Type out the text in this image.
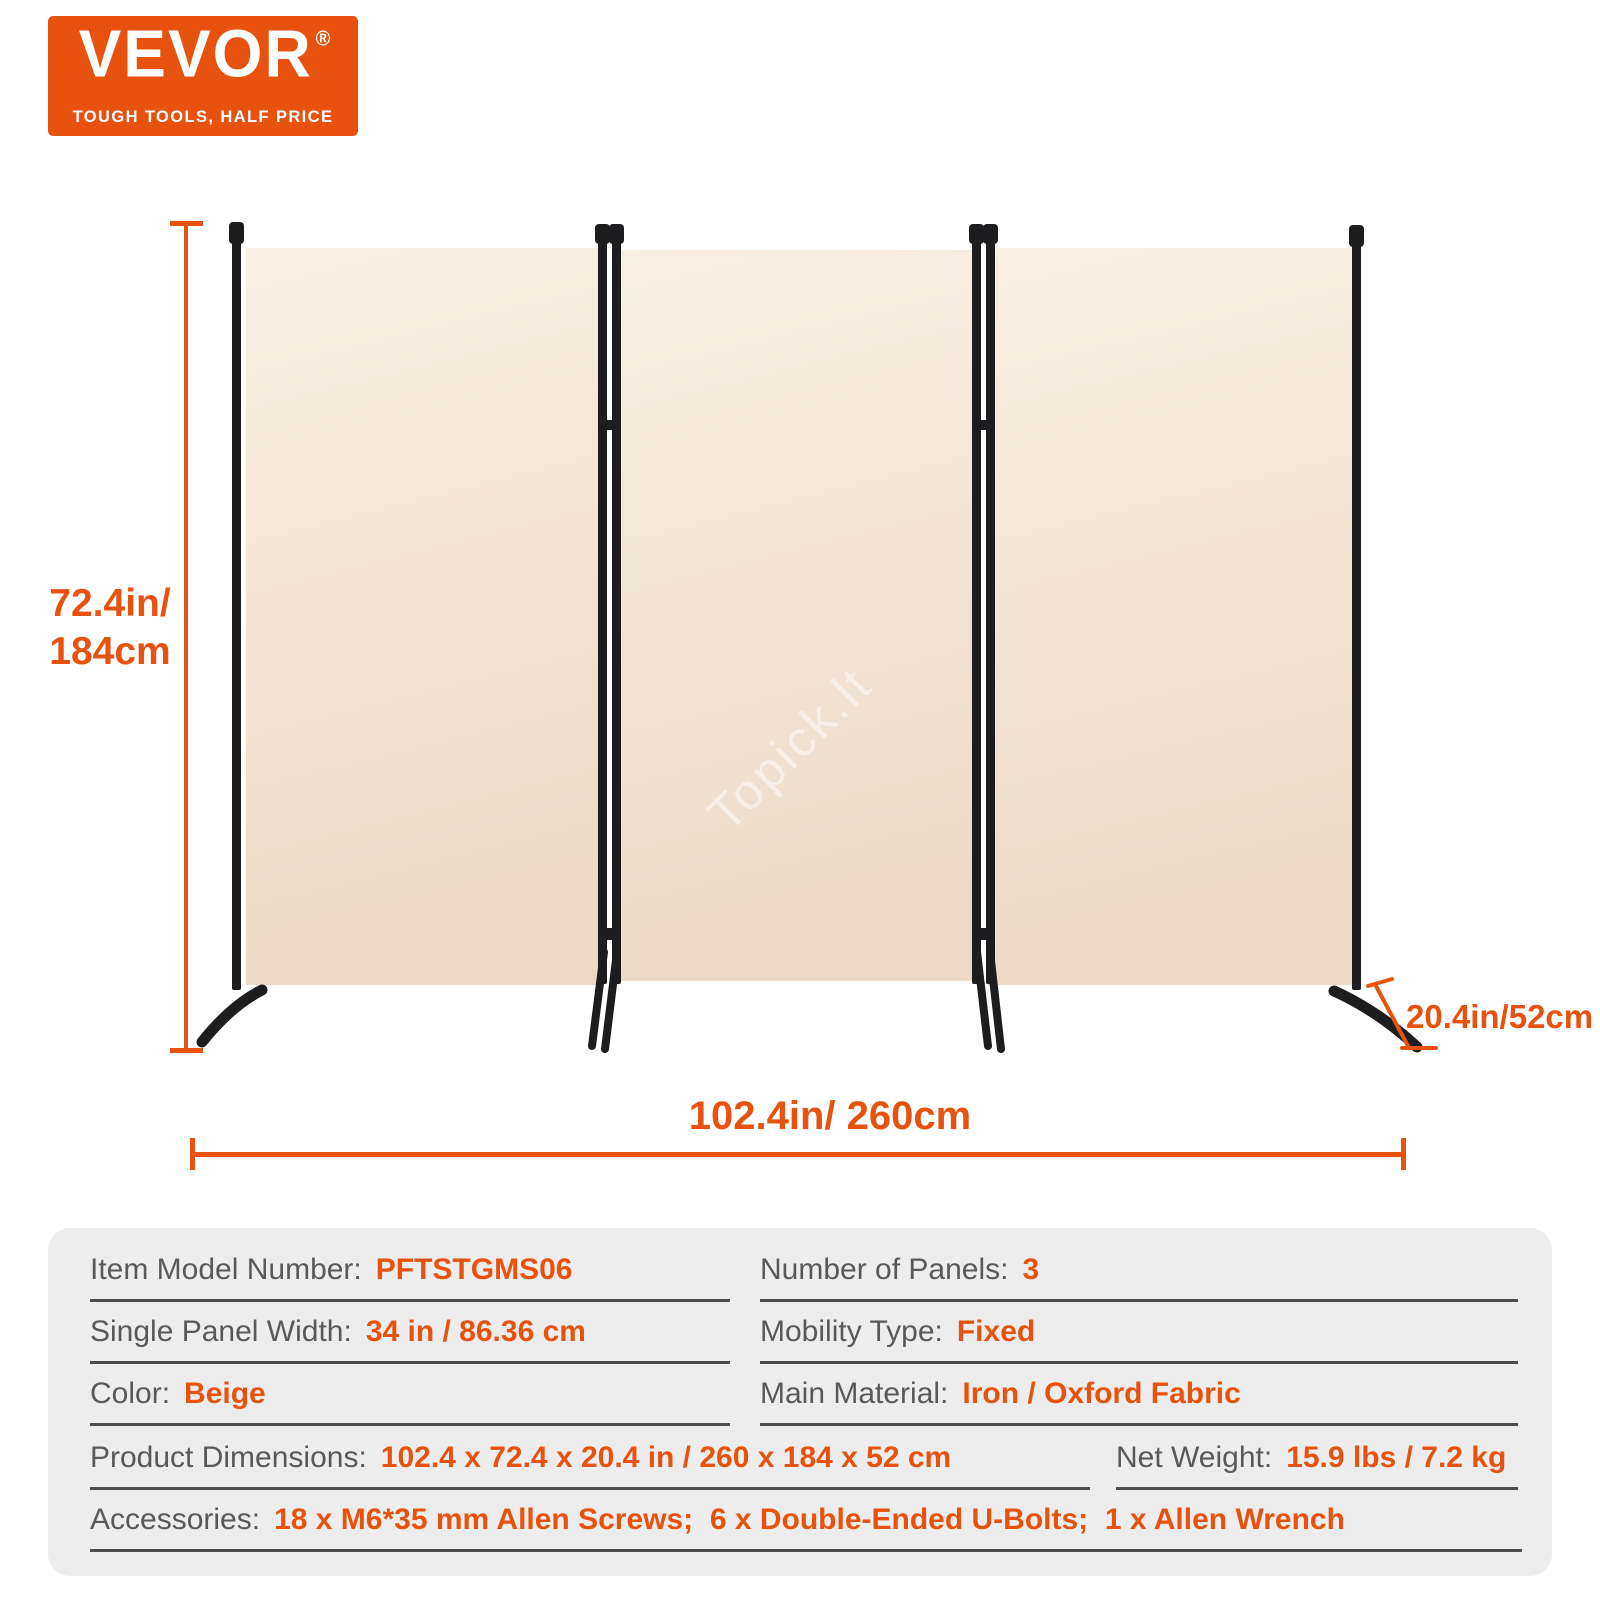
Topick.lt
VEVOR ®
TOUGH TOOLS, HALF PRICE
72.4in/
184cm
102.4in/ 260cm
20.4in/52cm
Item Model Number: PFTSTGMS06	Number of Panels: 3
Single Panel Width: 34 in / 86.36 cm	Mobility Type: Fixed
Color: Beige	Main Material: Iron / Oxford Fabric
Product Dimensions: 102.4 x 72.4 x 20.4 in / 260 x 184 x 52 cm	Net Weight: 15.9 lbs / 7.2 kg
Accessories: 18 x M6*35 mm Allen Screws;  6 x Double-Ended U-Bolts;  1 x Allen Wrench
